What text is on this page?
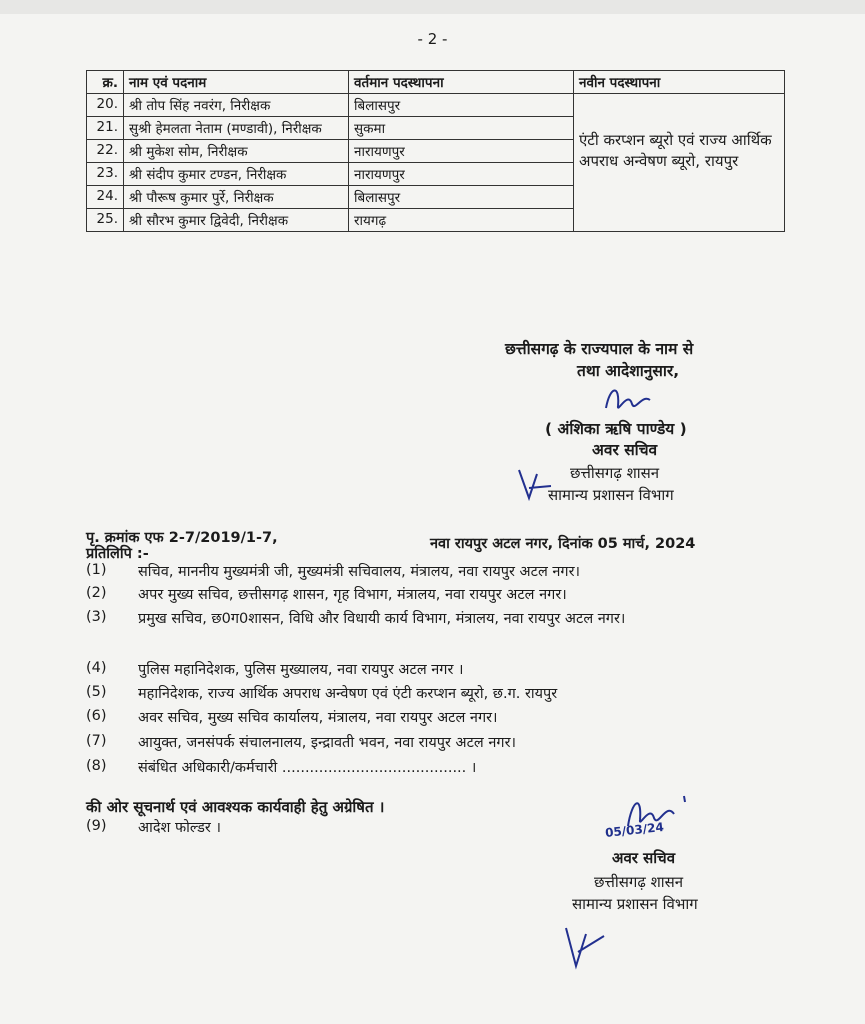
- 2 -
क्र.	नाम एवं पदनाम	वर्तमान पदस्थापना	नवीन पदस्थापना
20.	श्री तोप सिंह नवरंग, निरीक्षक	बिलासपुर	एंटी करप्शन ब्यूरो एवं राज्य आर्थिक अपराध अन्वेषण ब्यूरो, रायपुर
21.	सुश्री हेमलता नेताम (मण्डावी), निरीक्षक	सुकमा	
22.	श्री मुकेश सोम, निरीक्षक	नारायणपुर	
23.	श्री संदीप कुमार टण्डन, निरीक्षक	नारायणपुर	
24.	श्री पौरूष कुमार पुर्रे, निरीक्षक	बिलासपुर	
25.	श्री सौरभ कुमार द्विवेदी, निरीक्षक	रायगढ़	
छत्तीसगढ़ के राज्यपाल के नाम से
तथा आदेशानुसार,
( अंशिका ऋषि पाण्डेय )
अवर सचिव
छत्तीसगढ़ शासन
सामान्य प्रशासन विभाग
पृ. क्रमांक एफ 2-7/2019/1-7,	नवा रायपुर अटल नगर, दिनांक 05 मार्च, 2024
प्रतिलिपि :-
(1)	सचिव, माननीय मुख्यमंत्री जी, मुख्यमंत्री सचिवालय, मंत्रालय, नवा रायपुर अटल नगर।
(2)	अपर मुख्य सचिव, छत्तीसगढ़ शासन, गृह विभाग, मंत्रालय, नवा रायपुर अटल नगर।
(3)	प्रमुख सचिव, छ0ग0शासन, विधि और विधायी कार्य विभाग, मंत्रालय, नवा रायपुर अटल नगर।
(4)	पुलिस महानिदेशक, पुलिस मुख्यालय, नवा रायपुर अटल नगर ।
(5)	महानिदेशक, राज्य आर्थिक अपराध अन्वेषण एवं एंटी करप्शन ब्यूरो, छ.ग. रायपुर
(6)	अवर सचिव, मुख्य सचिव कार्यालय, मंत्रालय, नवा रायपुर अटल नगर।
(7)	आयुक्त, जनसंपर्क संचालनालय, इन्द्रावती भवन, नवा रायपुर अटल नगर।
(8)	संबंधित अधिकारी/कर्मचारी ........................................ ।
की ओर सूचनार्थ एवं आवश्यक कार्यवाही हेतु अग्रेषित ।
(9)	आदेश फोल्डर ।	05/03/24
अवर सचिव
छत्तीसगढ़ शासन
सामान्य प्रशासन विभाग
